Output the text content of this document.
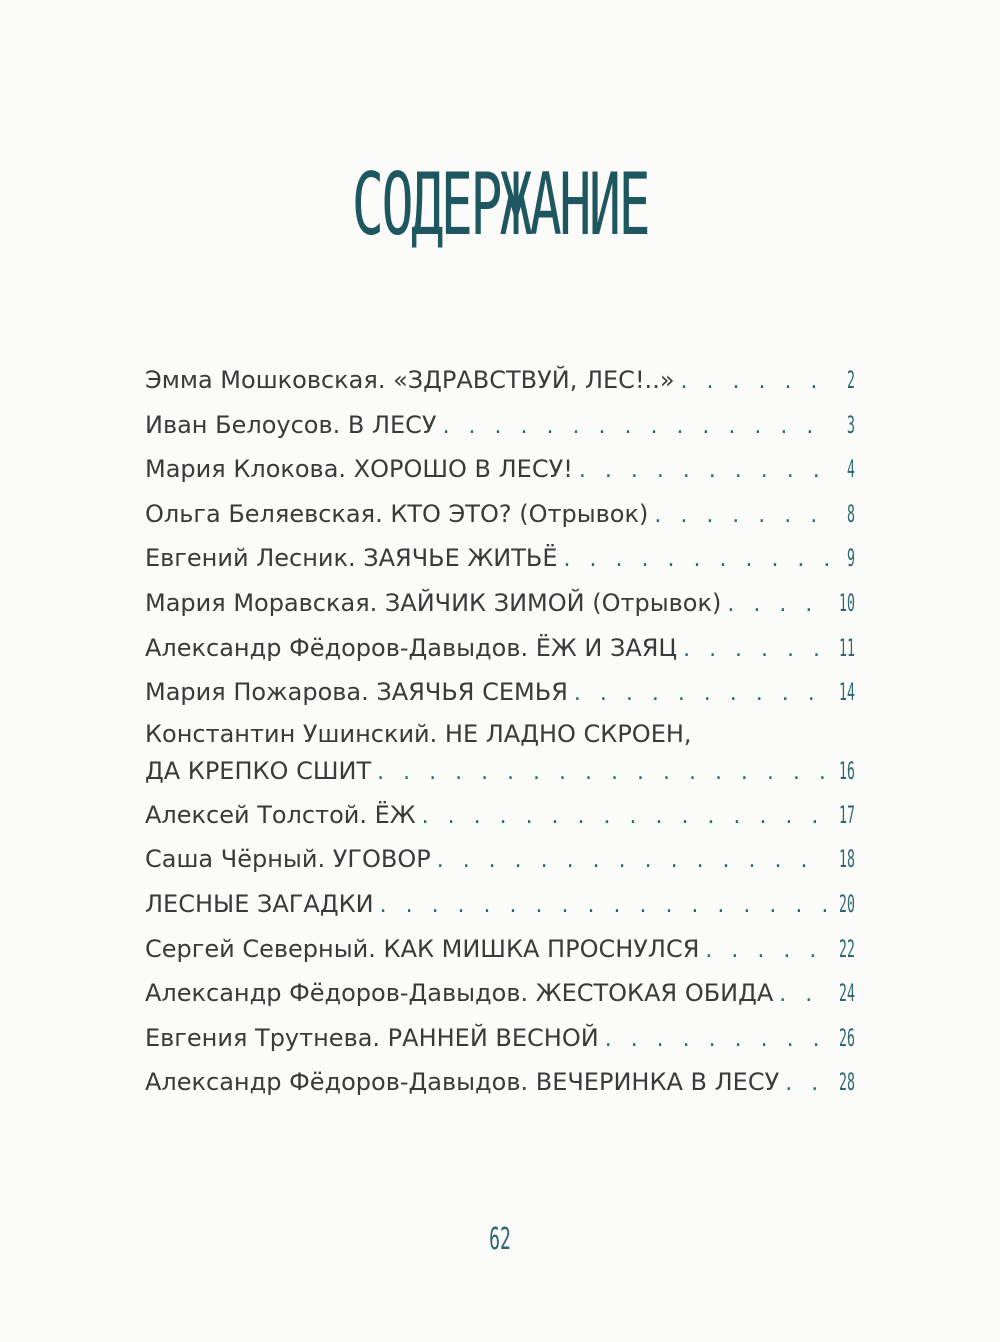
СОДЕРЖАНИЕ
Эмма Мошковская. «ЗДРАВСТВУЙ, ЛЕС!..» . . .	2
Иван Белоусов. В ЛЕСУ . . .	3
Мария Клокова. ХОРОШО В ЛЕСУ! . . .	4
Ольга Беляевская. КТО ЭТО? (Отрывок) . . .	8
Евгений Лесник. ЗАЯЧЬЕ ЖИТЬЁ . . .	9
Мария Моравская. ЗАЙЧИК ЗИМОЙ (Отрывок) . . .	10
Александр Фёдоров-Давыдов. ЁЖ И ЗАЯЦ . . .	11
Мария Пожарова. ЗАЯЧЬЯ СЕМЬЯ . . .	14
Константин Ушинский. НЕ ЛАДНО СКРОЕН,
ДА КРЕПКО СШИТ . . .	16
Алексей Толстой. ЁЖ . . .	17
Саша Чёрный. УГОВОР . . .	18
ЛЕСНЫЕ ЗАГАДКИ . . .	20
Сергей Северный. КАК МИШКА ПРОСНУЛСЯ . . .	22
Александр Фёдоров-Давыдов. ЖЕСТОКАЯ ОБИДА . . .	24
Евгения Трутнева. РАННЕЙ ВЕСНОЙ . . .	26
Александр Фёдоров-Давыдов. ВЕЧЕРИНКА В ЛЕСУ . . . 28
62
